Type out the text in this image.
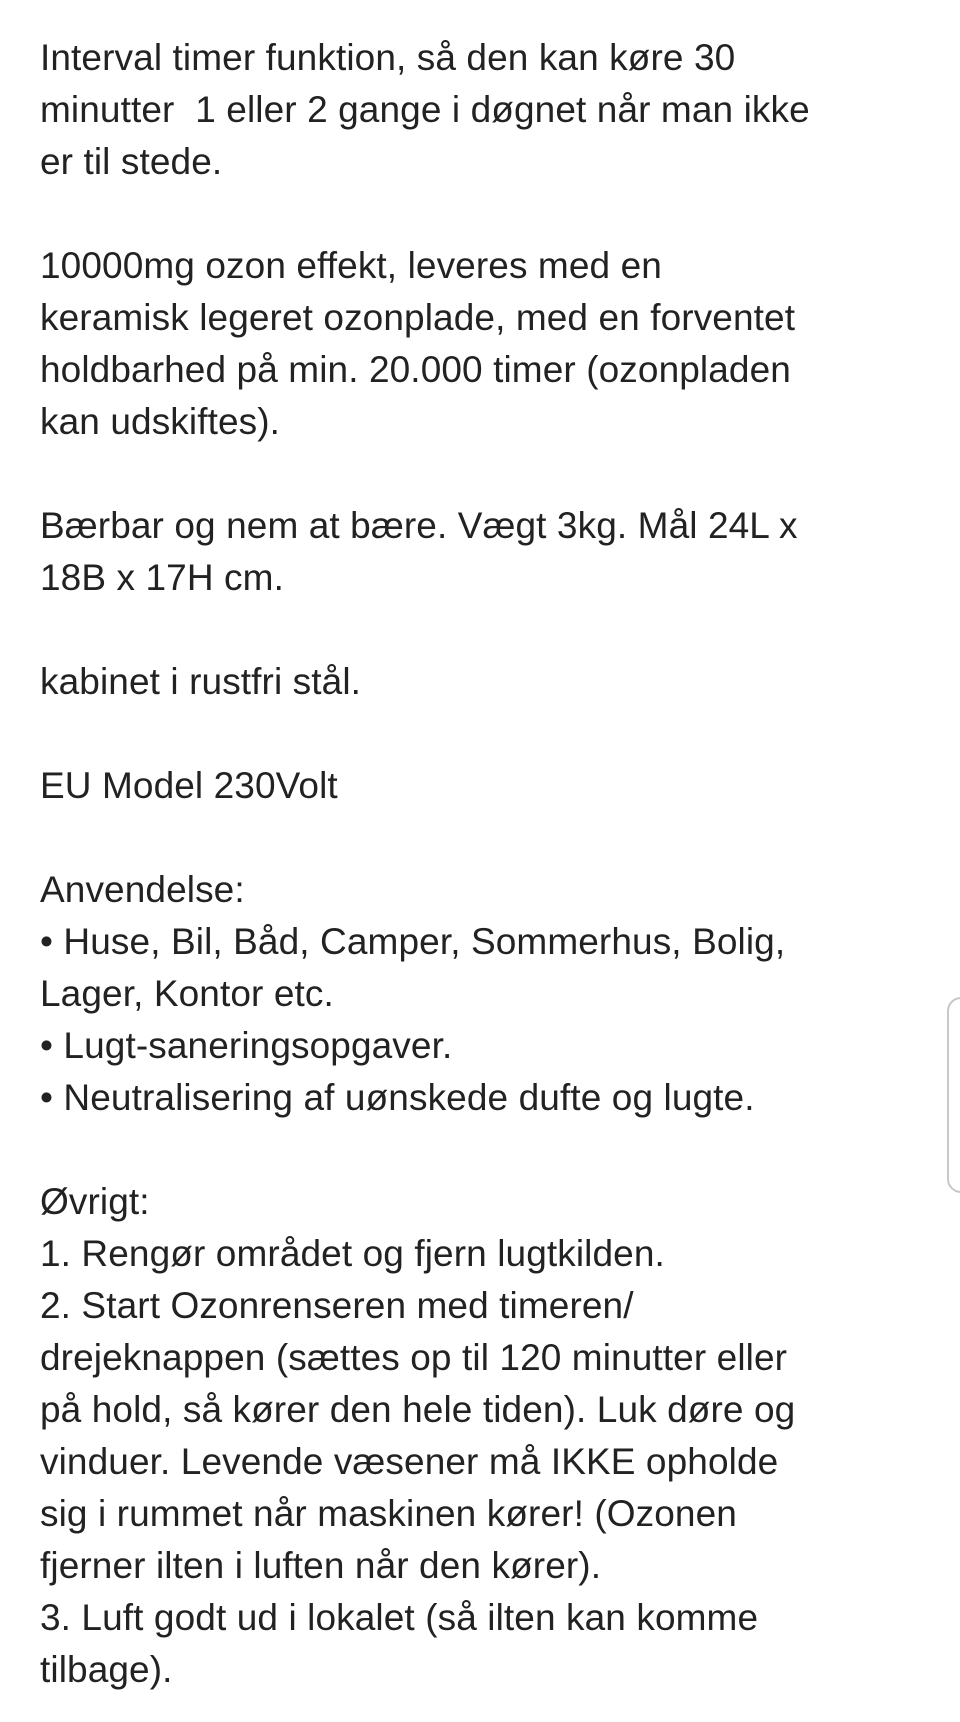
Interval timer funktion, så den kan køre 30
minutter  1 eller 2 gange i døgnet når man ikke
er til stede.
10000mg ozon effekt, leveres med en
keramisk legeret ozonplade, med en forventet
holdbarhed på min. 20.000 timer (ozonpladen
kan udskiftes).
Bærbar og nem at bære. Vægt 3kg. Mål 24L x
18B x 17H cm.
kabinet i rustfri stål.
EU Model 230Volt
Anvendelse:
• Huse, Bil, Båd, Camper, Sommerhus, Bolig,
Lager, Kontor etc.
• Lugt-saneringsopgaver.
• Neutralisering af uønskede dufte og lugte.
Øvrigt:
1. Rengør området og fjern lugtkilden.
2. Start Ozonrenseren med timeren/
drejeknappen (sættes op til 120 minutter eller
på hold, så kører den hele tiden). Luk døre og
vinduer. Levende væsener må IKKE opholde
sig i rummet når maskinen kører! (Ozonen
fjerner ilten i luften når den kører).
3. Luft godt ud i lokalet (så ilten kan komme
tilbage).
